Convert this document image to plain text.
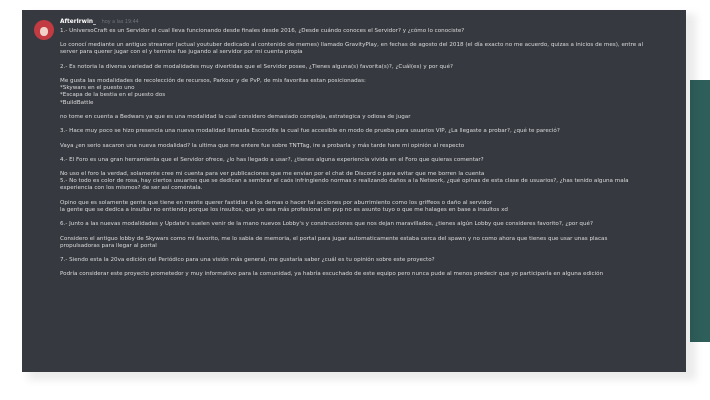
AfterIrwin_ hoy a las 19:44

1.- UniversoCraft es un Servidor el cual lleva funcionando desde finales desde 2016, ¿Desde cuándo conoces el Servidor? y ¿cómo lo conociste?

Lo conocí mediante un antiguo streamer (actual youtuber dedicado al contenido de memes) llamado GravityPlay, en fechas de agosto del 2018 (el día exacto no me acuerdo, quizas a inicios de mes), entre al

server para querer jugar con el y termine fue jugando al servidor por mi cuenta propia

2.- Es notoria la diversa variedad de modalidades muy divertidas que el Servidor posee, ¿Tienes alguna(s) favorita(s)?, ¿Cuál(es) y por qué?

Me gusta las modalidades de recolección de recursos, Parkour y de PvP, de mis favoritas estan posicionadas:

*Skywars en el puesto uno

*Escapa de la bestia en el puesto dos

*BuildBattle

no tome en cuenta a Bedwars ya que es una modalidad la cual considero demasiado compleja, estrategica y odiosa de jugar

3.- Hace muy poco se hizo presencia una nueva modalidad llamada Escondite la cual fue accesible en modo de prueba para usuarios VIP, ¿La llegaste a probar?, ¿qué te pareció?

Vaya ¿en serio sacaron una nueva modalidad? la ultima que me entere fue sobre TNTTag, ire a probarla y más tarde hare mi opinión al respecto

4.- El Foro es una gran herramienta que el Servidor ofrece, ¿lo has llegado a usar?, ¿tienes alguna experiencia vivida en el Foro que quieras comentar?

No uso el foro la verdad, solamente cree mi cuenta para ver publicaciones que me envian por el chat de Discord o para evitar que me borren la cuenta

5.- No todo es color de rosa, hay ciertos usuarios que se dedican a sembrar el caós infringiendo normas o realizando daños a la Network, ¿qué opinas de esta clase de usuarios?, ¿has tenido alguna mala

experiencia con los mismos? de ser así coméntala.

Opino que es solamente gente que tiene en mente querer fastidiar a los demas o hacer tal acciones por aburrimiento como los griffeos o daño al servidor

la gente que se dedica a insultar no entiendo porque los insultos, que yo sea más profesional en pvp no es asunto tuyo o que me halages en base a insultos xd

6.- Junto a las nuevas modalidades y Update's suelen venir de la mano nuevos Lobby's y construcciones que nos dejan maravillados, ¿tienes algún Lobby que consideres favorito?, ¿por qué?

Considero el antiguo lobby de Skywars como mi favorito, me lo sabia de memoria, el portal para jugar automaticamente estaba cerca del spawn y no como ahora que tienes que usar unas placas

propulsadoras para llegar al portal

7.- Siendo esta la 20va edición del Periódico para una visión más general, me gustaría saber ¿cuál es tu opinión sobre este proyecto?

Podría considerar este proyecto prometedor y muy informativo para la comunidad, ya habría escuchado de este equipo pero nunca pude al menos predecir que yo participaría en alguna edición
